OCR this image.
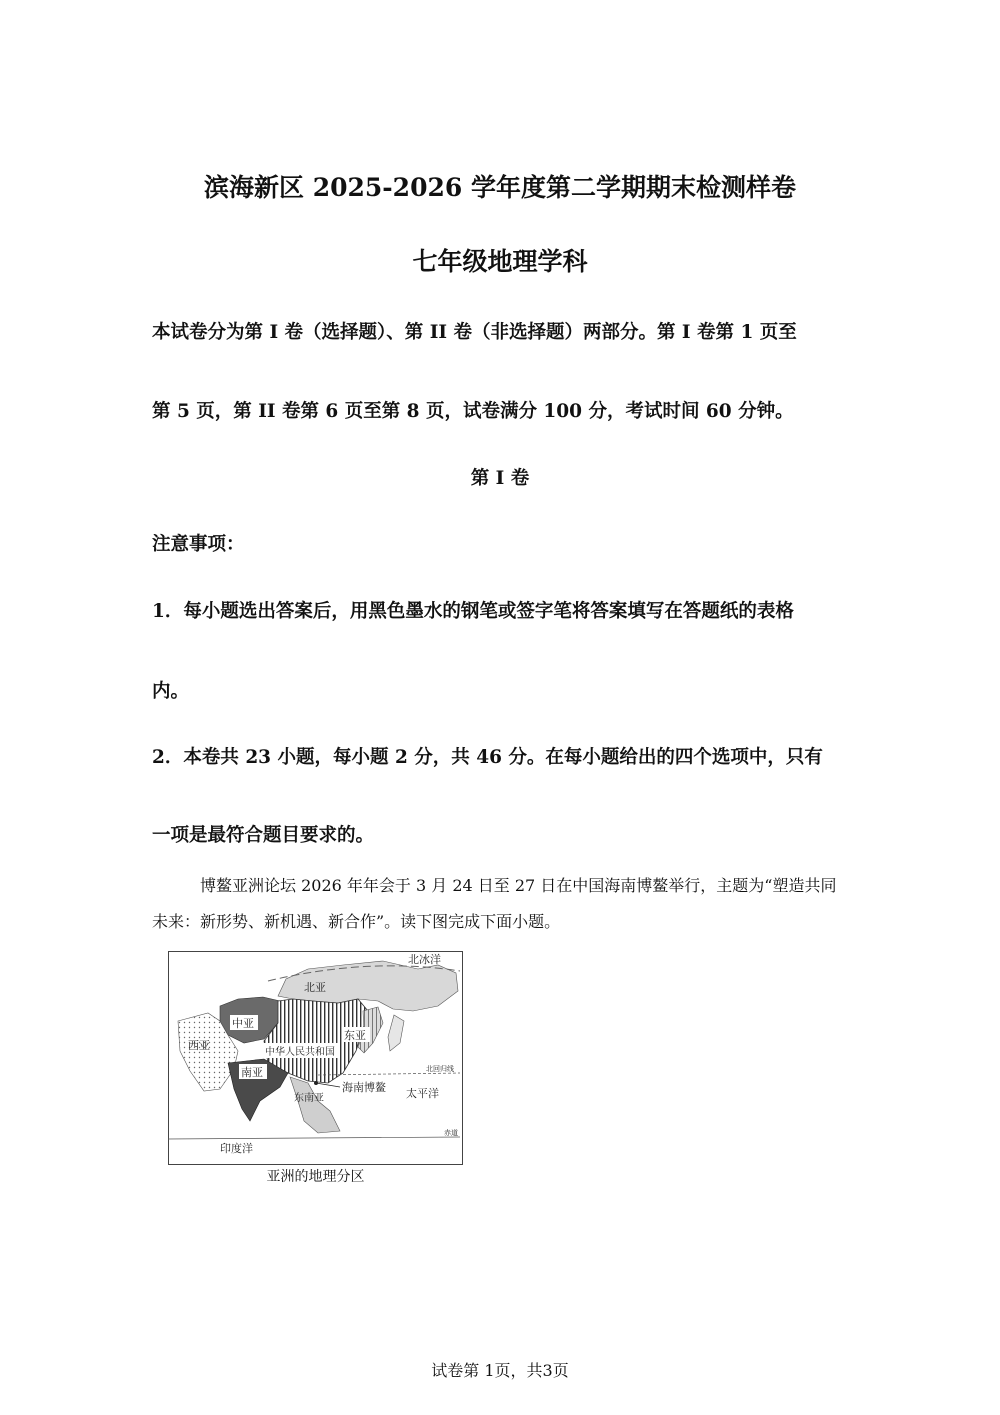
滨海新区 2025-2026 学年度第二学期期末检测样卷
七年级地理学科
本试卷分为第 I 卷（选择题）、第 II 卷（非选择题）两部分。第 I 卷第 1 页至
第 5 页，第 II 卷第 6 页至第 8 页，试卷满分 100 分，考试时间 60 分钟。
第 I 卷
注意事项：
1．每小题选出答案后，用黑色墨水的钢笔或签字笔将答案填写在答题纸的表格
内。
2．本卷共 23 小题，每小题 2 分，共 46 分。在每小题给出的四个选项中，只有
一项是最符合题目要求的。
博鳌亚洲论坛 2026 年年会于 3 月 24 日至 27 日在中国海南博鳌举行，主题为“塑造共同未来：新形势、新机遇、新合作”。读下图完成下面小题。
北冰洋
北亚
中亚
西亚
东亚
中华人民共和国
南亚
东南亚
海南博鳌 太平洋
印度洋
北回归线
赤道
亚洲的地理分区
试卷第 1页，共3页
